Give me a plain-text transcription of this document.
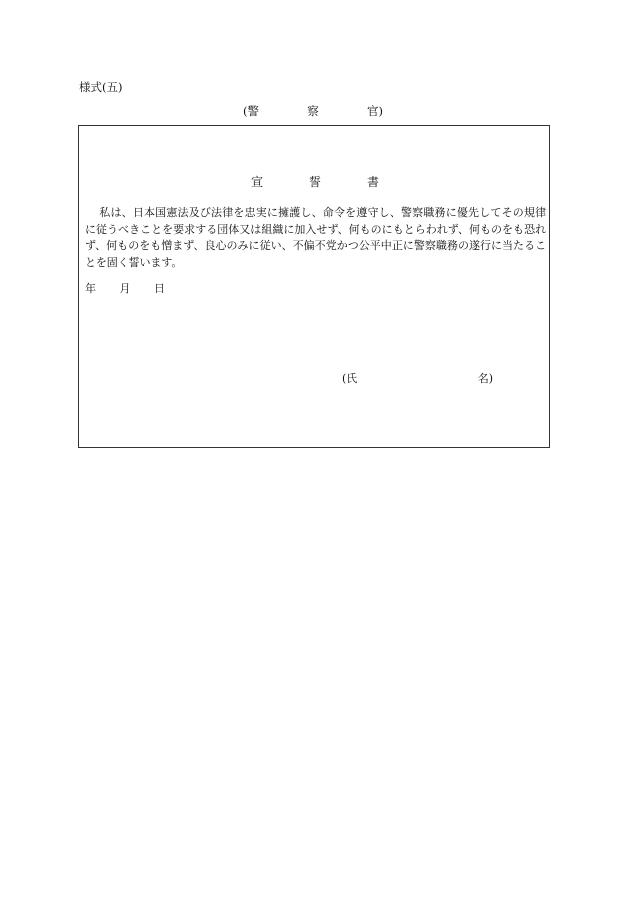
様式(五)
(警	察	官)
宣	誓	書

私は、日本国憲法及び法律を忠実に擁護し、命令を遵守し、警察職務に優先してその規律に従うべきことを要求する団体又は組織に加入せず、何ものにもとらわれず、何ものをも恐れず、何ものをも憎まず、良心のみに従い、不偏不党かつ公平中正に警察職務の遂行に当たることを固く誓います。

年 月 日
(氏	名)
